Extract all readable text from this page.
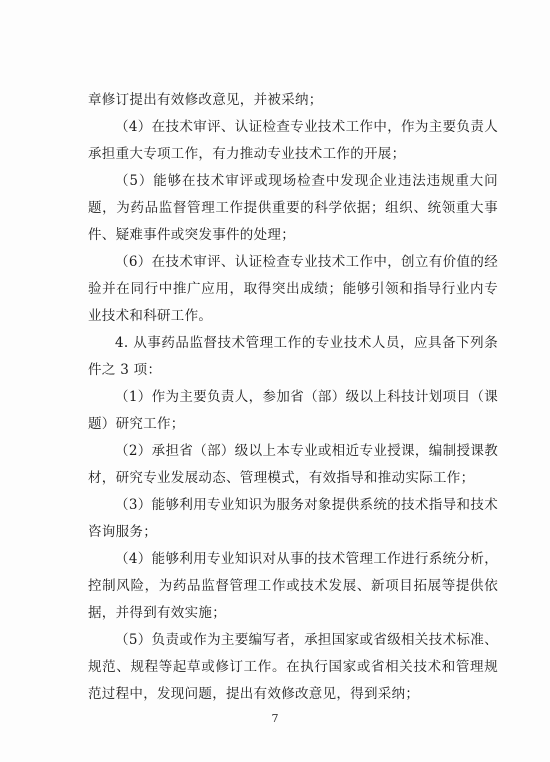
章修订提出有效修改意见，并被采纳；

（4）在技术审评、认证检查专业技术工作中，作为主要负责人承担重大专项工作，有力推动专业技术工作的开展；

（5）能够在技术审评或现场检查中发现企业违法违规重大问题，为药品监督管理工作提供重要的科学依据；组织、统领重大事件、疑难事件或突发事件的处理；

（6）在技术审评、认证检查专业技术工作中，创立有价值的经验并在同行中推广应用，取得突出成绩；能够引领和指导行业内专业技术和科研工作。

4. 从事药品监督技术管理工作的专业技术人员，应具备下列条件之 3 项：

（1）作为主要负责人，参加省（部）级以上科技计划项目（课题）研究工作；

（2）承担省（部）级以上本专业或相近专业授课，编制授课教材，研究专业发展动态、管理模式，有效指导和推动实际工作；

（3）能够利用专业知识为服务对象提供系统的技术指导和技术咨询服务；

（4）能够利用专业知识对从事的技术管理工作进行系统分析，控制风险，为药品监督管理工作或技术发展、新项目拓展等提供依据，并得到有效实施；

（5）负责或作为主要编写者，承担国家或省级相关技术标准、规范、规程等起草或修订工作。在执行国家或省相关技术和管理规范过程中，发现问题，提出有效修改意见，得到采纳；

7
